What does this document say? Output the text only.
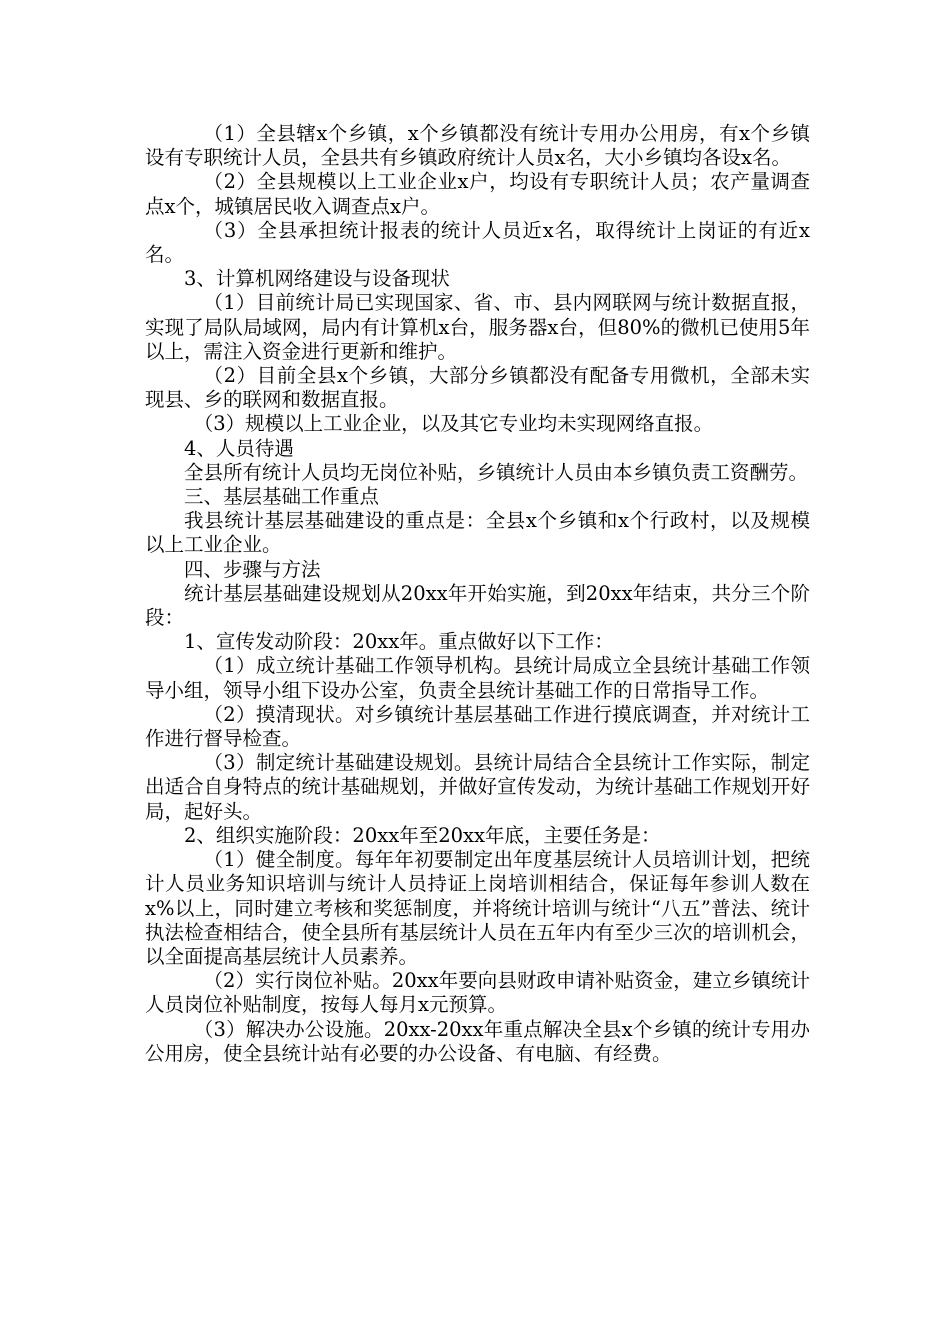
（1）全县辖x个乡镇，x个乡镇都没有统计专用办公用房，有x个乡镇设有专职统计人员，全县共有乡镇政府统计人员x名，大小乡镇均各设x名。

（2）全县规模以上工业企业x户，均设有专职统计人员；农产量调查点x个，城镇居民收入调查点x户。

（3）全县承担统计报表的统计人员近x名，取得统计上岗证的有近x名。

3、计算机网络建设与设备现状

（1）目前统计局已实现国家、省、市、县内网联网与统计数据直报，实现了局队局域网，局内有计算机x台，服务器x台，但80%的微机已使用5年以上，需注入资金进行更新和维护。

（2）目前全县x个乡镇，大部分乡镇都没有配备专用微机，全部未实现县、乡的联网和数据直报。

（3）规模以上工业企业，以及其它专业均未实现网络直报。

4、人员待遇

全县所有统计人员均无岗位补贴，乡镇统计人员由本乡镇负责工资酬劳。

三、基层基础工作重点

我县统计基层基础建设的重点是：全县x个乡镇和x个行政村，以及规模以上工业企业。

四、步骤与方法

统计基层基础建设规划从20xx年开始实施，到20xx年结束，共分三个阶段：

1、宣传发动阶段：20xx年。重点做好以下工作：

（1）成立统计基础工作领导机构。县统计局成立全县统计基础工作领导小组，领导小组下设办公室，负责全县统计基础工作的日常指导工作。

（2）摸清现状。对乡镇统计基层基础工作进行摸底调查，并对统计工作进行督导检查。

（3）制定统计基础建设规划。县统计局结合全县统计工作实际，制定出适合自身特点的统计基础规划，并做好宣传发动，为统计基础工作规划开好局，起好头。

2、组织实施阶段：20xx年至20xx年底，主要任务是：

（1）健全制度。每年年初要制定出年度基层统计人员培训计划，把统计人员业务知识培训与统计人员持证上岗培训相结合，保证每年参训人数在x%以上，同时建立考核和奖惩制度，并将统计培训与统计“八五”普法、统计执法检查相结合，使全县所有基层统计人员在五年内有至少三次的培训机会，以全面提高基层统计人员素养。

（2）实行岗位补贴。20xx年要向县财政申请补贴资金，建立乡镇统计人员岗位补贴制度，按每人每月x元预算。

（3）解决办公设施。20xx-20xx年重点解决全县x个乡镇的统计专用办公用房，使全县统计站有必要的办公设备、有电脑、有经费。
